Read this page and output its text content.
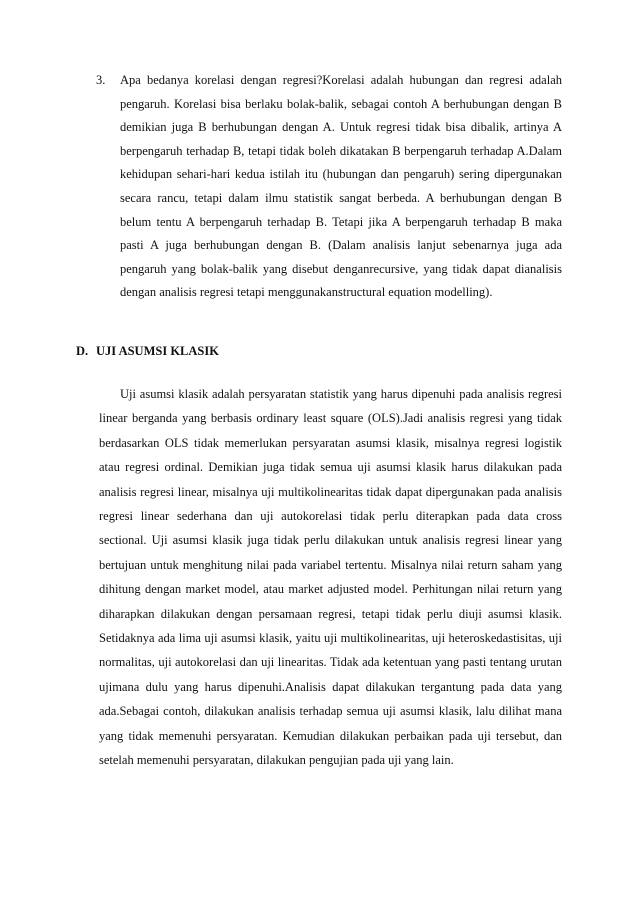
3. Apa bedanya korelasi dengan regresi?Korelasi adalah hubungan dan regresi adalah pengaruh. Korelasi bisa berlaku bolak-balik, sebagai contoh A berhubungan dengan B demikian juga B berhubungan dengan A. Untuk regresi tidak bisa dibalik, artinya A berpengaruh terhadap B, tetapi tidak boleh dikatakan B berpengaruh terhadap A.Dalam kehidupan sehari-hari kedua istilah itu (hubungan dan pengaruh) sering dipergunakan secara rancu, tetapi dalam ilmu statistik sangat berbeda. A berhubungan dengan B belum tentu A berpengaruh terhadap B. Tetapi jika A berpengaruh terhadap B maka pasti A juga berhubungan dengan B. (Dalam analisis lanjut sebenarnya juga ada pengaruh yang bolak-balik yang disebut denganrecursive, yang tidak dapat dianalisis dengan analisis regresi tetapi menggunakanstructural equation modelling).
D. UJI ASUMSI KLASIK
Uji asumsi klasik adalah persyaratan statistik yang harus dipenuhi pada analisis regresi linear berganda yang berbasis ordinary least square (OLS).Jadi analisis regresi yang tidak berdasarkan OLS tidak memerlukan persyaratan asumsi klasik, misalnya regresi logistik atau regresi ordinal. Demikian juga tidak semua uji asumsi klasik harus dilakukan pada analisis regresi linear, misalnya uji multikolinearitas tidak dapat dipergunakan pada analisis regresi linear sederhana dan uji autokorelasi tidak perlu diterapkan pada data cross sectional. Uji asumsi klasik juga tidak perlu dilakukan untuk analisis regresi linear yang bertujuan untuk menghitung nilai pada variabel tertentu. Misalnya nilai return saham yang dihitung dengan market model, atau market adjusted model. Perhitungan nilai return yang diharapkan dilakukan dengan persamaan regresi, tetapi tidak perlu diuji asumsi klasik. Setidaknya ada lima uji asumsi klasik, yaitu uji multikolinearitas, uji heteroskedastisitas, uji normalitas, uji autokorelasi dan uji linearitas. Tidak ada ketentuan yang pasti tentang urutan ujimana dulu yang harus dipenuhi.Analisis dapat dilakukan tergantung pada data yang ada.Sebagai contoh, dilakukan analisis terhadap semua uji asumsi klasik, lalu dilihat mana yang tidak memenuhi persyaratan. Kemudian dilakukan perbaikan pada uji tersebut, dan setelah memenuhi persyaratan, dilakukan pengujian pada uji yang lain.
